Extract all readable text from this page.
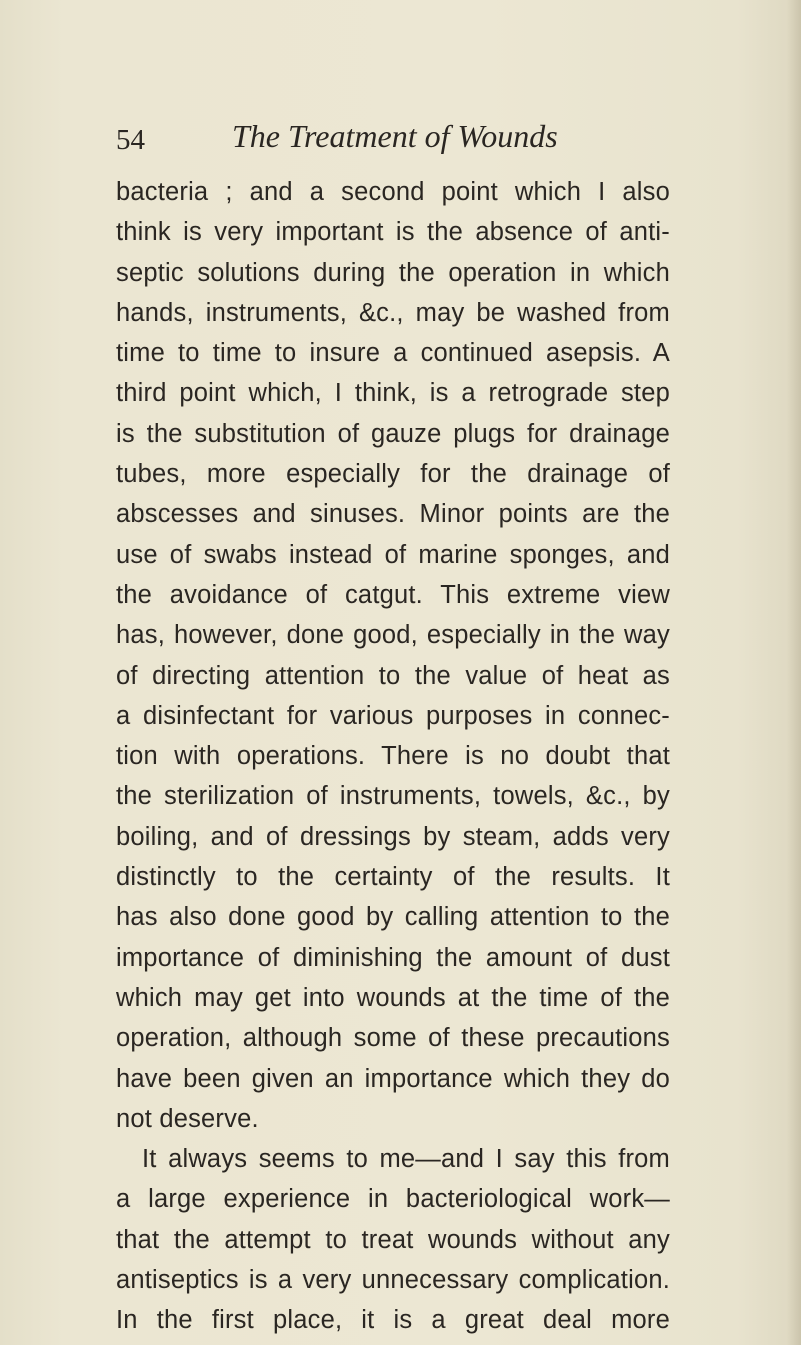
54	The Treatment of Wounds
bacteria ; and a second point which I also
think is very important is the absence of anti-
septic solutions during the operation in which
hands, instruments, &c., may be washed from
time to time to insure a continued asepsis. A
third point which, I think, is a retrograde step
is the substitution of gauze plugs for drainage
tubes, more especially for the drainage of
abscesses and sinuses. Minor points are the
use of swabs instead of marine sponges, and
the avoidance of catgut. This extreme view
has, however, done good, especially in the way
of directing attention to the value of heat as
a disinfectant for various purposes in connec-
tion with operations. There is no doubt that
the sterilization of instruments, towels, &c., by
boiling, and of dressings by steam, adds very
distinctly to the certainty of the results. It
has also done good by calling attention to the
importance of diminishing the amount of dust
which may get into wounds at the time of the
operation, although some of these precautions
have been given an importance which they do
not deserve.
It always seems to me—and I say this from
a large experience in bacteriological work—
that the attempt to treat wounds without any
antiseptics is a very unnecessary complication.
In the first place, it is a great deal more
